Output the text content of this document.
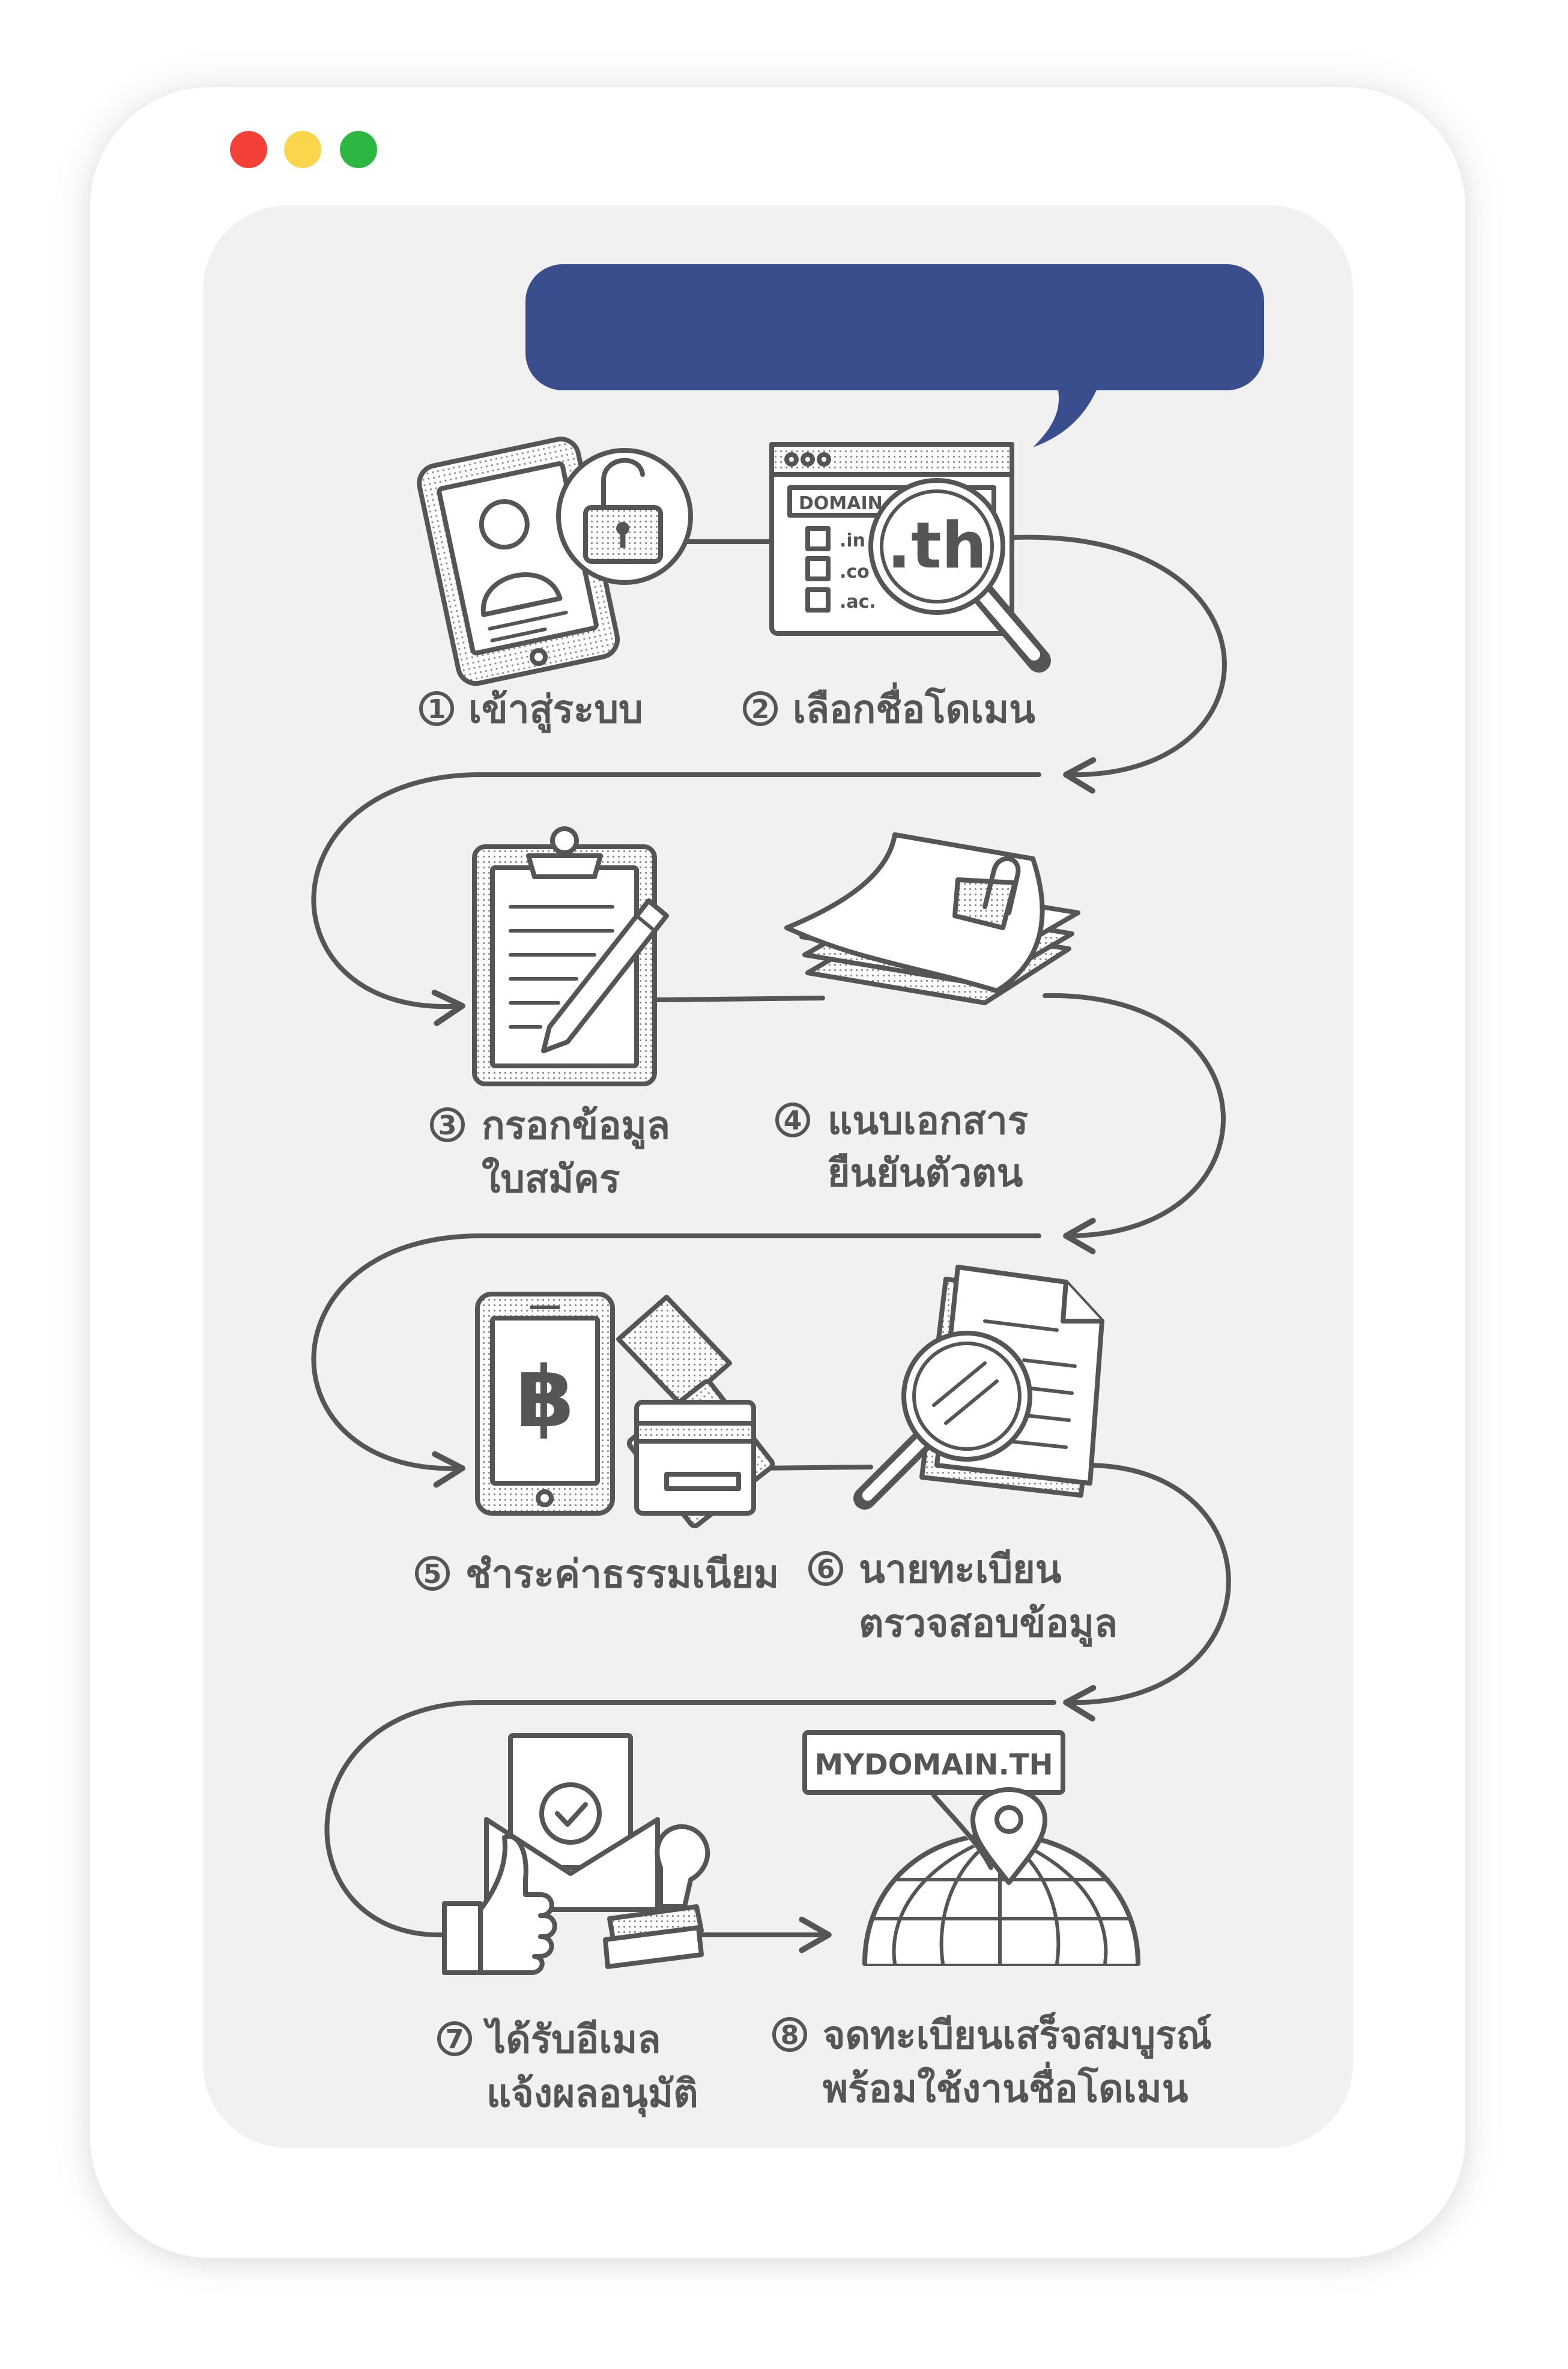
DOMAIN
.in
.co
.ac.
.th
฿
MYDOMAIN.TH
1 เข้าสู่ระบบ	2 เลือกชื่อโดเมน
3 กรอกข้อมูล
ใบสมัคร
4 แนบเอกสาร
ยืนยันตัวตน
5 ชำระค่าธรรมเนียม 6 นายทะเบียน
ตรวจสอบข้อมูล
7 ได้รับอีเมล
แจ้งผลอนุมัติ
8 จดทะเบียนเสร็จสมบูรณ์
พร้อมใช้งานชื่อโดเมน
